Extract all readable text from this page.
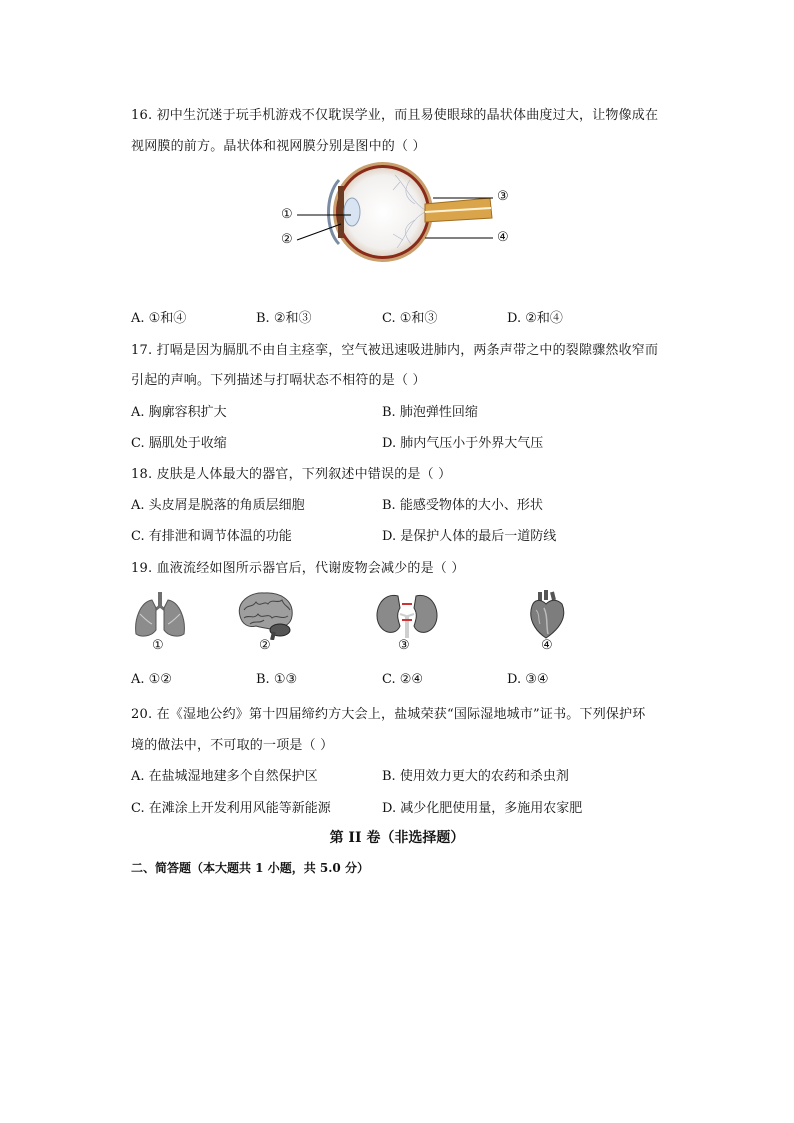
16. 初中生沉迷于玩手机游戏不仅耽误学业，而且易使眼球的晶状体曲度过大，让物像成在
视网膜的前方。晶状体和视网膜分别是图中的（ ）
①
②
③
④
A. ①和④	B. ②和③	C. ①和③	D. ②和④
17. 打嗝是因为膈肌不由自主痉挛，空气被迅速吸进肺内，两条声带之中的裂隙骤然收窄而
引起的声响。下列描述与打嗝状态不相符的是（ ）
A. 胸廓容积扩大	B. 肺泡弹性回缩
C. 膈肌处于收缩	D. 肺内气压小于外界大气压
18. 皮肤是人体最大的器官，下列叙述中错误的是（ ）
A. 头皮屑是脱落的角质层细胞	B. 能感受物体的大小、形状
C. 有排泄和调节体温的功能	D. 是保护人体的最后一道防线
19. 血液流经如图所示器官后，代谢废物会减少的是（ ）
①	②	③	④
A. ①②	B. ①③	C. ②④	D. ③④
20. 在《湿地公约》第十四届缔约方大会上，盐城荣获“国际湿地城市”证书。下列保护环
境的做法中，不可取的一项是（ ）
A. 在盐城湿地建多个自然保护区	B. 使用效力更大的农药和杀虫剂
C. 在滩涂上开发利用风能等新能源	D. 减少化肥使用量，多施用农家肥
第 II 卷（非选择题）
二、简答题（本大题共 1 小题，共 5.0 分）
